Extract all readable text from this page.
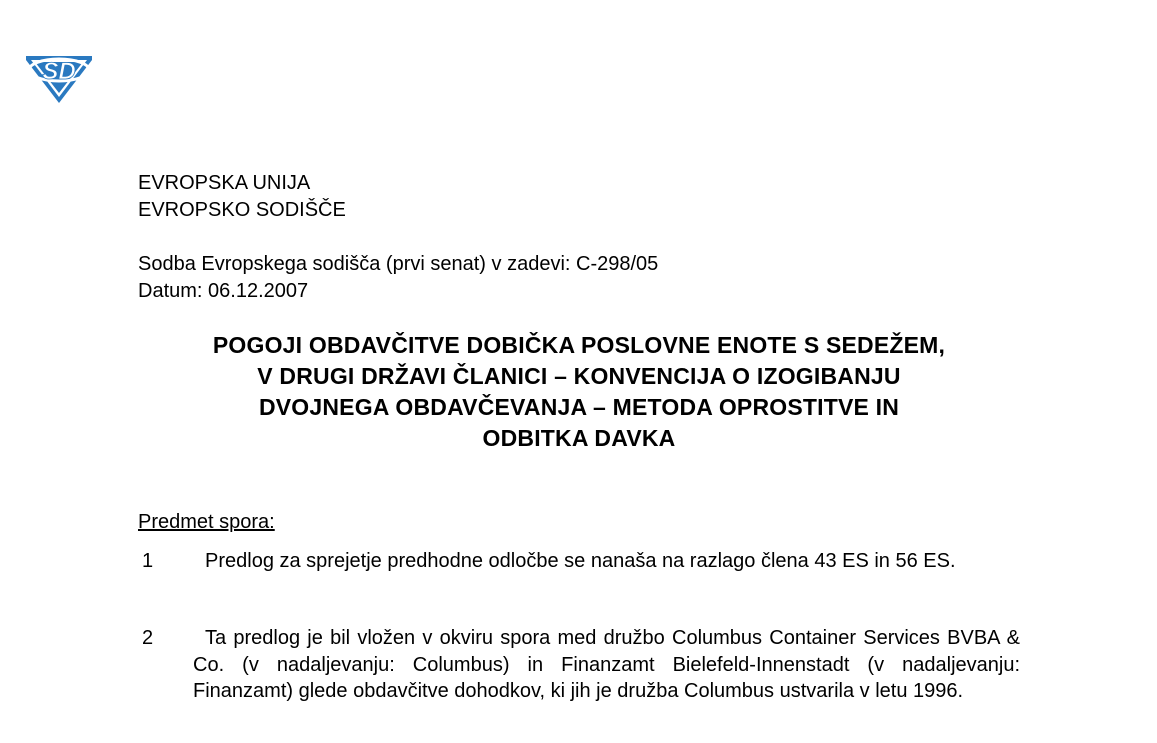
SD
EVROPSKA UNIJA
EVROPSKO SODIŠČE
Sodba Evropskega sodišča (prvi senat) v zadevi: C-298/05
Datum: 06.12.2007
POGOJI OBDAVČITVE DOBIČKA POSLOVNE ENOTE S SEDEŽEM,
V DRUGI DRŽAVI ČLANICI – KONVENCIJA O IZOGIBANJU
DVOJNEGA OBDAVČEVANJA – METODA OPROSTITVE IN
ODBITKA DAVKA
Predmet spora:
1	Predlog za sprejetje predhodne odločbe se nanaša na razlago člena 43 ES in 56 ES.
2	Ta predlog je bil vložen v okviru spora med družbo Columbus Container Services BVBA & Co. (v nadaljevanju: Columbus) in Finanzamt Bielefeld-Innenstadt (v nadaljevanju: Finanzamt) glede obdavčitve dohodkov, ki jih je družba Columbus ustvarila v letu 1996.
